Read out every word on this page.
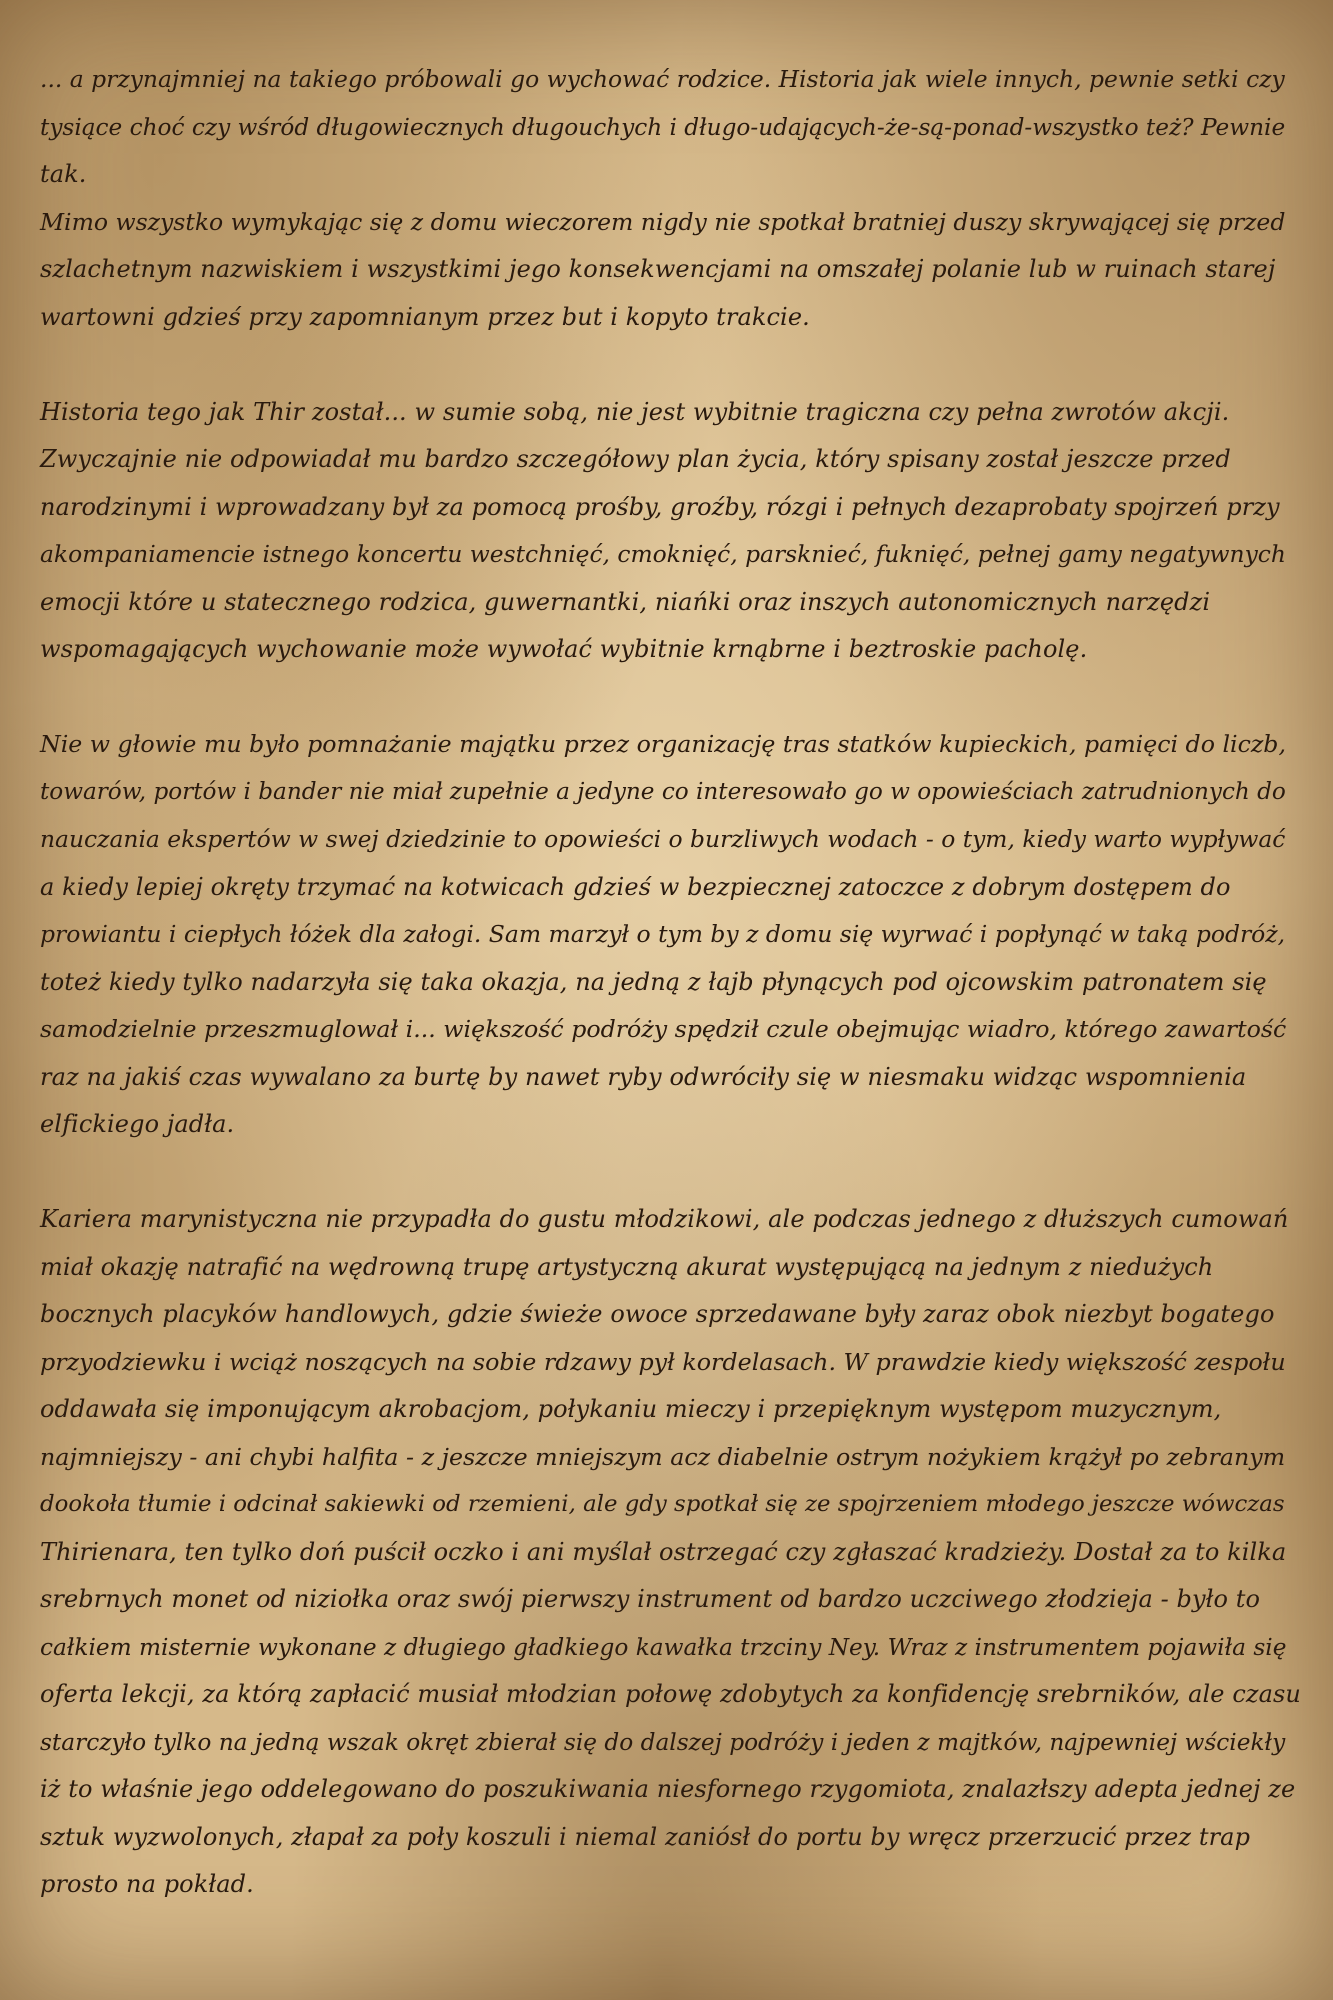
... a przynajmniej na takiego próbowali go wychować rodzice. Historia jak wiele innych, pewnie setki czy
tysiące choć czy wśród długowiecznych długouchych i długo-udających-że-są-ponad-wszystko też? Pewnie
tak.
Mimo wszystko wymykając się z domu wieczorem nigdy nie spotkał bratniej duszy skrywającej się przed
szlachetnym nazwiskiem i wszystkimi jego konsekwencjami na omszałej polanie lub w ruinach starej
wartowni gdzieś przy zapomnianym przez but i kopyto trakcie.

Historia tego jak Thir został... w sumie sobą, nie jest wybitnie tragiczna czy pełna zwrotów akcji.
Zwyczajnie nie odpowiadał mu bardzo szczegółowy plan życia, który spisany został jeszcze przed
narodzinymi i wprowadzany był za pomocą prośby, groźby, rózgi i pełnych dezaprobaty spojrzeń przy
akompaniamencie istnego koncertu westchnięć, cmoknięć, parsknieć, fuknięć, pełnej gamy negatywnych
emocji które u statecznego rodzica, guwernantki, niańki oraz inszych autonomicznych narzędzi
wspomagających wychowanie może wywołać wybitnie krnąbrne i beztroskie pacholę.

Nie w głowie mu było pomnażanie majątku przez organizację tras statków kupieckich, pamięci do liczb,
towarów, portów i bander nie miał zupełnie a jedyne co interesowało go w opowieściach zatrudnionych do
nauczania ekspertów w swej dziedzinie to opowieści o burzliwych wodach - o tym, kiedy warto wypływać
a kiedy lepiej okręty trzymać na kotwicach gdzieś w bezpiecznej zatoczce z dobrym dostępem do
prowiantu i ciepłych łóżek dla załogi. Sam marzył o tym by z domu się wyrwać i popłynąć w taką podróż,
toteż kiedy tylko nadarzyła się taka okazja, na jedną z łajb płynących pod ojcowskim patronatem się
samodzielnie przeszmuglował i... większość podróży spędził czule obejmując wiadro, którego zawartość
raz na jakiś czas wywalano za burtę by nawet ryby odwróciły się w niesmaku widząc wspomnienia
elfickiego jadła.

Kariera marynistyczna nie przypadła do gustu młodzikowi, ale podczas jednego z dłuższych cumowań
miał okazję natrafić na wędrowną trupę artystyczną akurat występującą na jednym z niedużych
bocznych placyków handlowych, gdzie świeże owoce sprzedawane były zaraz obok niezbyt bogatego
przyodziewku i wciąż noszących na sobie rdzawy pył kordelasach. W prawdzie kiedy większość zespołu
oddawała się imponującym akrobacjom, połykaniu mieczy i przepięknym występom muzycznym,
najmniejszy - ani chybi halfita - z jeszcze mniejszym acz diabelnie ostrym nożykiem krążył po zebranym
dookoła tłumie i odcinał sakiewki od rzemieni, ale gdy spotkał się ze spojrzeniem młodego jeszcze wówczas
Thirienara, ten tylko doń puścił oczko i ani myślał ostrzegać czy zgłaszać kradzieży. Dostał za to kilka
srebrnych monet od niziołka oraz swój pierwszy instrument od bardzo uczciwego złodzieja - było to
całkiem misternie wykonane z długiego gładkiego kawałka trzciny Ney. Wraz z instrumentem pojawiła się
oferta lekcji, za którą zapłacić musiał młodzian połowę zdobytych za konfidencję srebrników, ale czasu
starczyło tylko na jedną wszak okręt zbierał się do dalszej podróży i jeden z majtków, najpewniej wściekły
iż to właśnie jego oddelegowano do poszukiwania niesfornego rzygomiota, znalazłszy adepta jednej ze
sztuk wyzwolonych, złapał za poły koszuli i niemal zaniósł do portu by wręcz przerzucić przez trap
prosto na pokład.
